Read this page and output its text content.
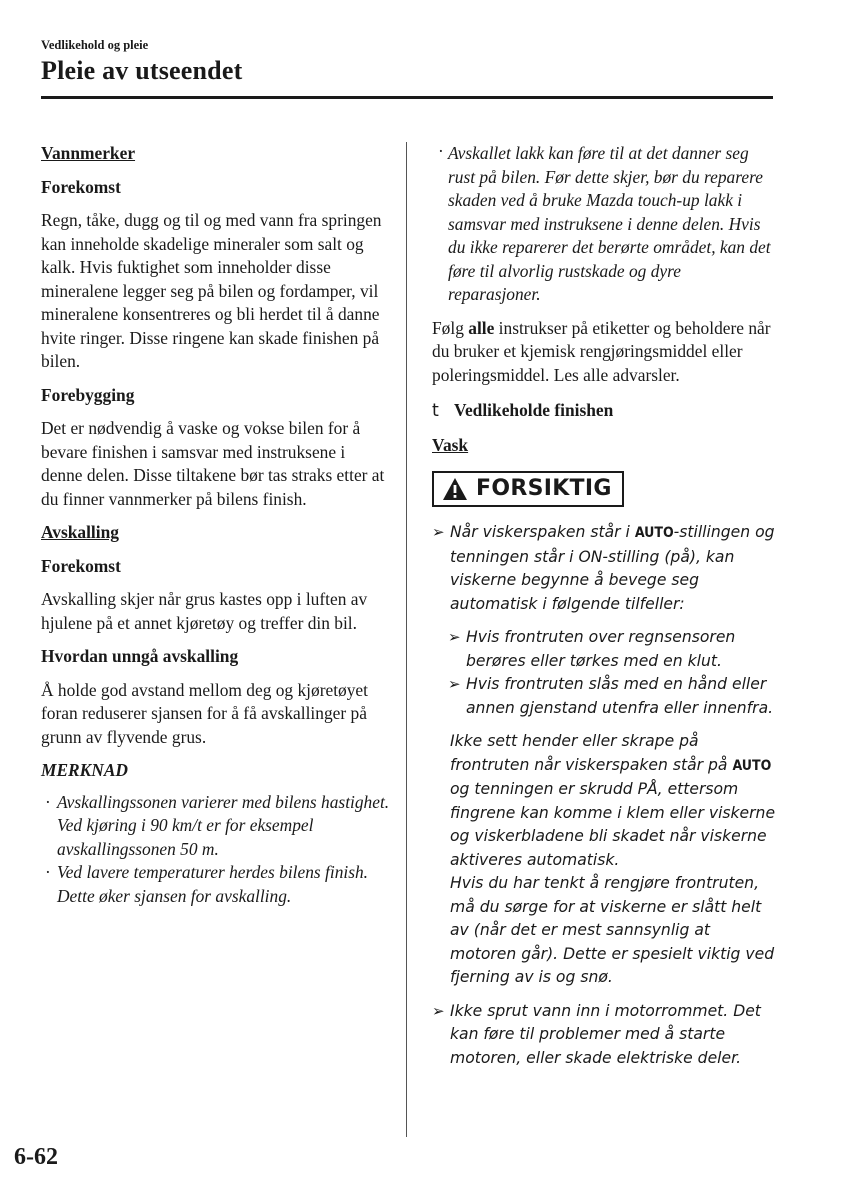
Vedlikehold og pleie
Pleie av utseendet
Vannmerker
Forekomst

Regn, tåke, dugg og til og med vann fra springen kan inneholde skadelige mineraler som salt og kalk. Hvis fuktighet som inneholder disse mineralene legger seg på bilen og fordamper, vil mineralene konsentreres og bli herdet til å danne hvite ringer. Disse ringene kan skade finishen på bilen.

Forebygging

Det er nødvendig å vaske og vokse bilen for å bevare finishen i samsvar med instruksene i denne delen. Disse tiltakene bør tas straks etter at du finner vannmerker på bilens finish.

Avskalling
Forekomst

Avskalling skjer når grus kastes opp i luften av hjulene på et annet kjøretøy og treffer din bil.

Hvordan unngå avskalling

Å holde god avstand mellom deg og kjøretøyet foran reduserer sjansen for å få avskallinger på grunn av flyvende grus.

MERKNAD
· Avskallingssonen varierer med bilens hastighet. Ved kjøring i 90 km/t er for eksempel avskallingssonen 50 m.
· Ved lavere temperaturer herdes bilens finish. Dette øker sjansen for avskalling.
· Avskallet lakk kan føre til at det danner seg rust på bilen. Før dette skjer, bør du reparere skaden ved å bruke Mazda touch-up lakk i samsvar med instruksene i denne delen. Hvis du ikke reparerer det berørte området, kan det føre til alvorlig rustskade og dyre reparasjoner.

Følg alle instrukser på etiketter og beholdere når du bruker et kjemisk rengjøringsmiddel eller poleringsmiddel. Les alle advarsler.

t Vedlikeholde finishen
Vask
FORSIKTIG
➢ Når viskerspaken står i AUTO-stillingen og tenningen står i ON-stilling (på), kan viskerne begynne å bevege seg automatisk i følgende tilfeller:
➢ Hvis frontruten over regnsensoren berøres eller tørkes med en klut.
➢ Hvis frontruten slås med en hånd eller annen gjenstand utenfra eller innenfra.
Ikke sett hender eller skrape på frontruten når viskerspaken står på AUTO og tenningen er skrudd PÅ, ettersom fingrene kan komme i klem eller viskerne og viskerbladene bli skadet når viskerne aktiveres automatisk.
Hvis du har tenkt å rengjøre frontruten, må du sørge for at viskerne er slått helt av (når det er mest sannsynlig at motoren går). Dette er spesielt viktig ved fjerning av is og snø.
➢ Ikke sprut vann inn i motorrommet. Det kan føre til problemer med å starte motoren, eller skade elektriske deler.
6-62
